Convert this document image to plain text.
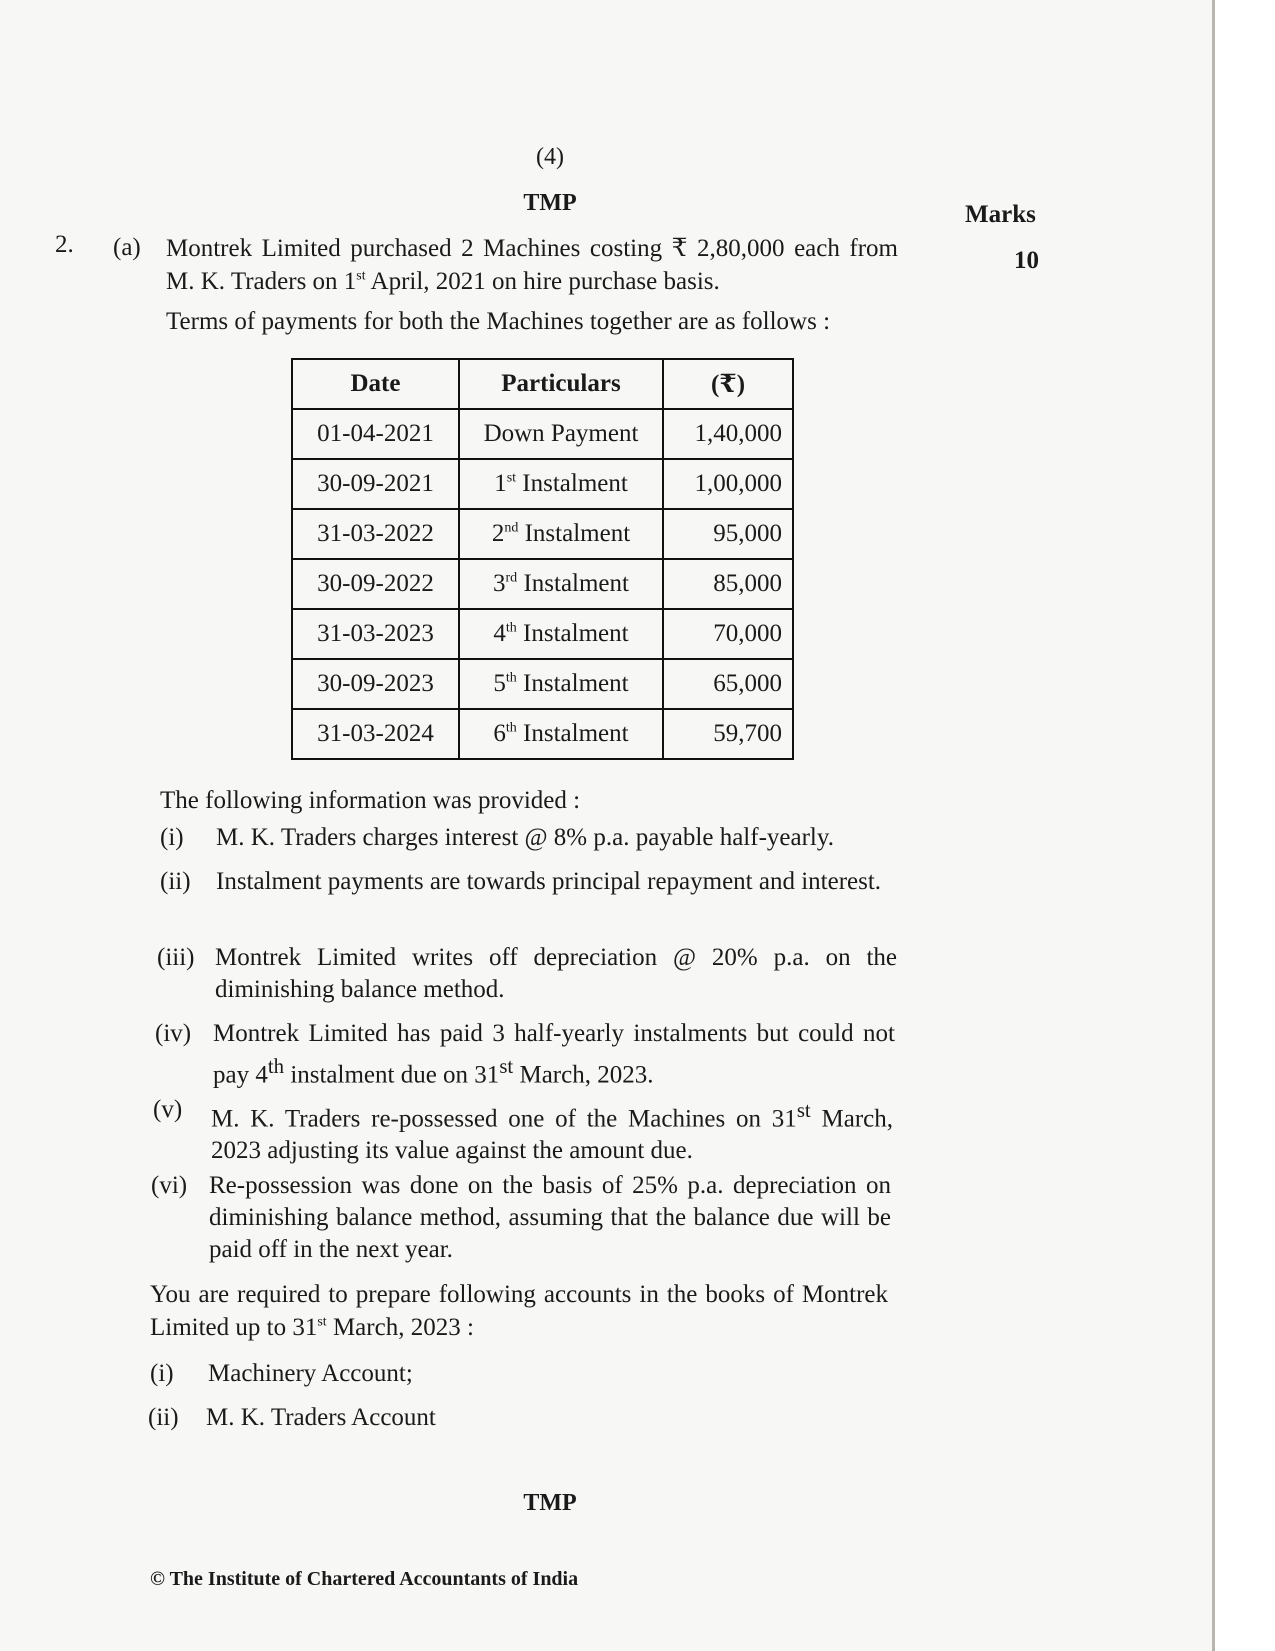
(4)
TMP	Marks
10
2. (a) Montrek Limited purchased 2 Machines costing ₹ 2,80,000 each from M. K. Traders on 1st April, 2021 on hire purchase basis.
Terms of payments for both the Machines together are as follows :
Date	Particulars	(₹)
01-04-2021	Down Payment	1,40,000
30-09-2021	1st Instalment	1,00,000
31-03-2022	2nd Instalment	95,000
30-09-2022	3rd Instalment	85,000
31-03-2023	4th Instalment	70,000
30-09-2023	5th Instalment	65,000
31-03-2024	6th Instalment	59,700
The following information was provided :
(i) M. K. Traders charges interest @ 8% p.a. payable half-yearly.
(ii) Instalment payments are towards principal repayment and interest.
(iii) Montrek Limited writes off depreciation @ 20% p.a. on the diminishing balance method.
(iv) Montrek Limited has paid 3 half-yearly instalments but could not pay 4th instalment due on 31st March, 2023.
(v) M. K. Traders re-possessed one of the Machines on 31st March, 2023 adjusting its value against the amount due.
(vi) Re-possession was done on the basis of 25% p.a. depreciation on diminishing balance method, assuming that the balance due will be paid off in the next year.
You are required to prepare following accounts in the books of Montrek Limited up to 31st March, 2023 :
(i) Machinery Account;
(ii) M. K. Traders Account
TMP
© The Institute of Chartered Accountants of India
